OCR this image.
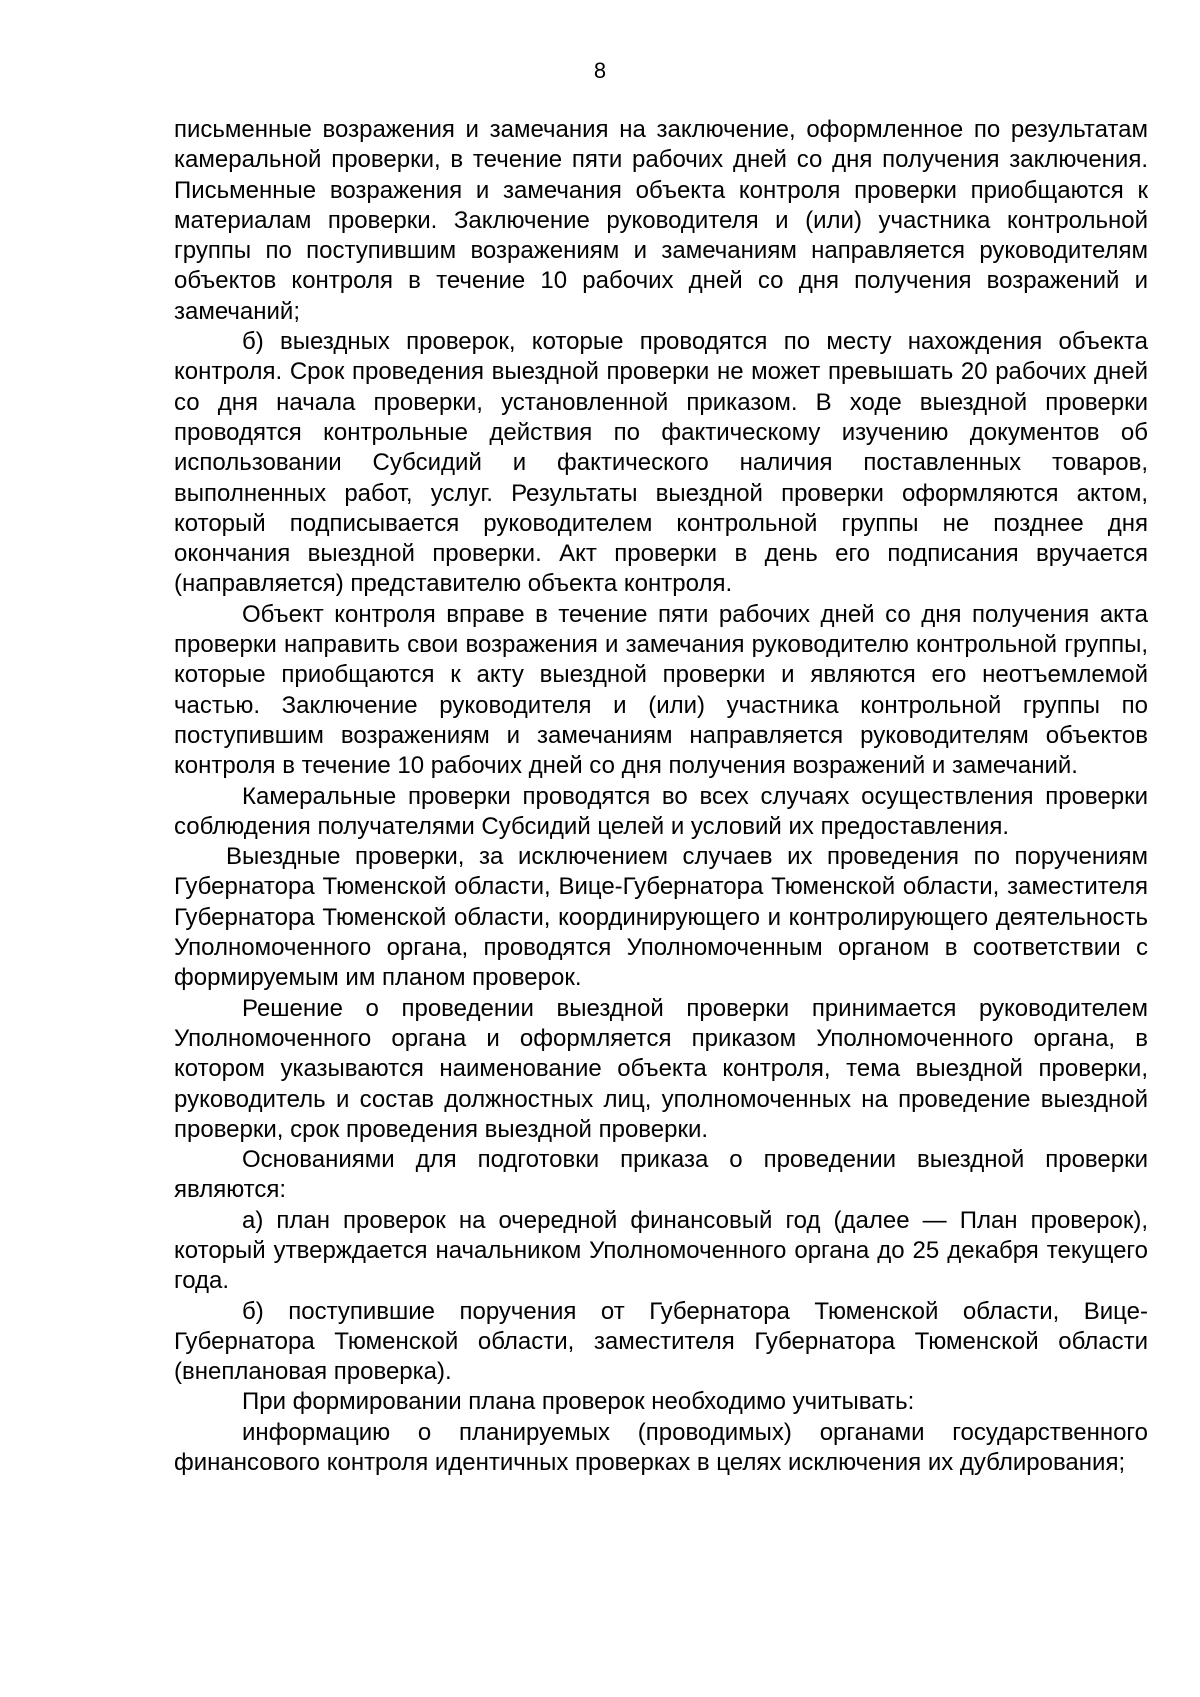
8

письменные возражения и замечания на заключение, оформленное по результатам камеральной проверки, в течение пяти рабочих дней со дня получения заключения. Письменные возражения и замечания объекта контроля проверки приобщаются к материалам проверки. Заключение руководителя и (или) участника контрольной группы по поступившим возражениям и замечаниям направляется руководителям объектов контроля в течение 10 рабочих дней со дня получения возражений и замечаний;

б) выездных проверок, которые проводятся по месту нахождения объекта контроля. Срок проведения выездной проверки не может превышать 20 рабочих дней со дня начала проверки, установленной приказом. В ходе выездной проверки проводятся контрольные действия по фактическому изучению документов об использовании Субсидий и фактического наличия поставленных товаров, выполненных работ, услуг. Результаты выездной проверки оформляются актом, который подписывается руководителем контрольной группы не позднее дня окончания выездной проверки. Акт проверки в день его подписания вручается (направляется) представителю объекта контроля.

Объект контроля вправе в течение пяти рабочих дней со дня получения акта проверки направить свои возражения и замечания руководителю контрольной группы, которые приобщаются к акту выездной проверки и являются его неотъемлемой частью. Заключение руководителя и (или) участника контрольной группы по поступившим возражениям и замечаниям направляется руководителям объектов контроля в течение 10 рабочих дней со дня получения возражений и замечаний.

Камеральные проверки проводятся во всех случаях осуществления проверки соблюдения получателями Субсидий целей и условий их предоставления.

Выездные проверки, за исключением случаев их проведения по поручениям Губернатора Тюменской области, Вице-Губернатора Тюменской области, заместителя Губернатора Тюменской области, координирующего и контролирующего деятельность Уполномоченного органа, проводятся Уполномоченным органом в соответствии с формируемым им планом проверок.

Решение о проведении выездной проверки принимается руководителем Уполномоченного органа и оформляется приказом Уполномоченного органа, в котором указываются наименование объекта контроля, тема выездной проверки, руководитель и состав должностных лиц, уполномоченных на проведение выездной проверки, срок проведения выездной проверки.

Основаниями для подготовки приказа о проведении выездной проверки являются:

а) план проверок на очередной финансовый год (далее — План проверок), который утверждается начальником Уполномоченного органа до 25 декабря текущего года.

б) поступившие поручения от Губернатора Тюменской области, Вице-Губернатора Тюменской области, заместителя Губернатора Тюменской области (внеплановая проверка).

При формировании плана проверок необходимо учитывать:

информацию о планируемых (проводимых) органами государственного финансового контроля идентичных проверках в целях исключения их дублирования;
